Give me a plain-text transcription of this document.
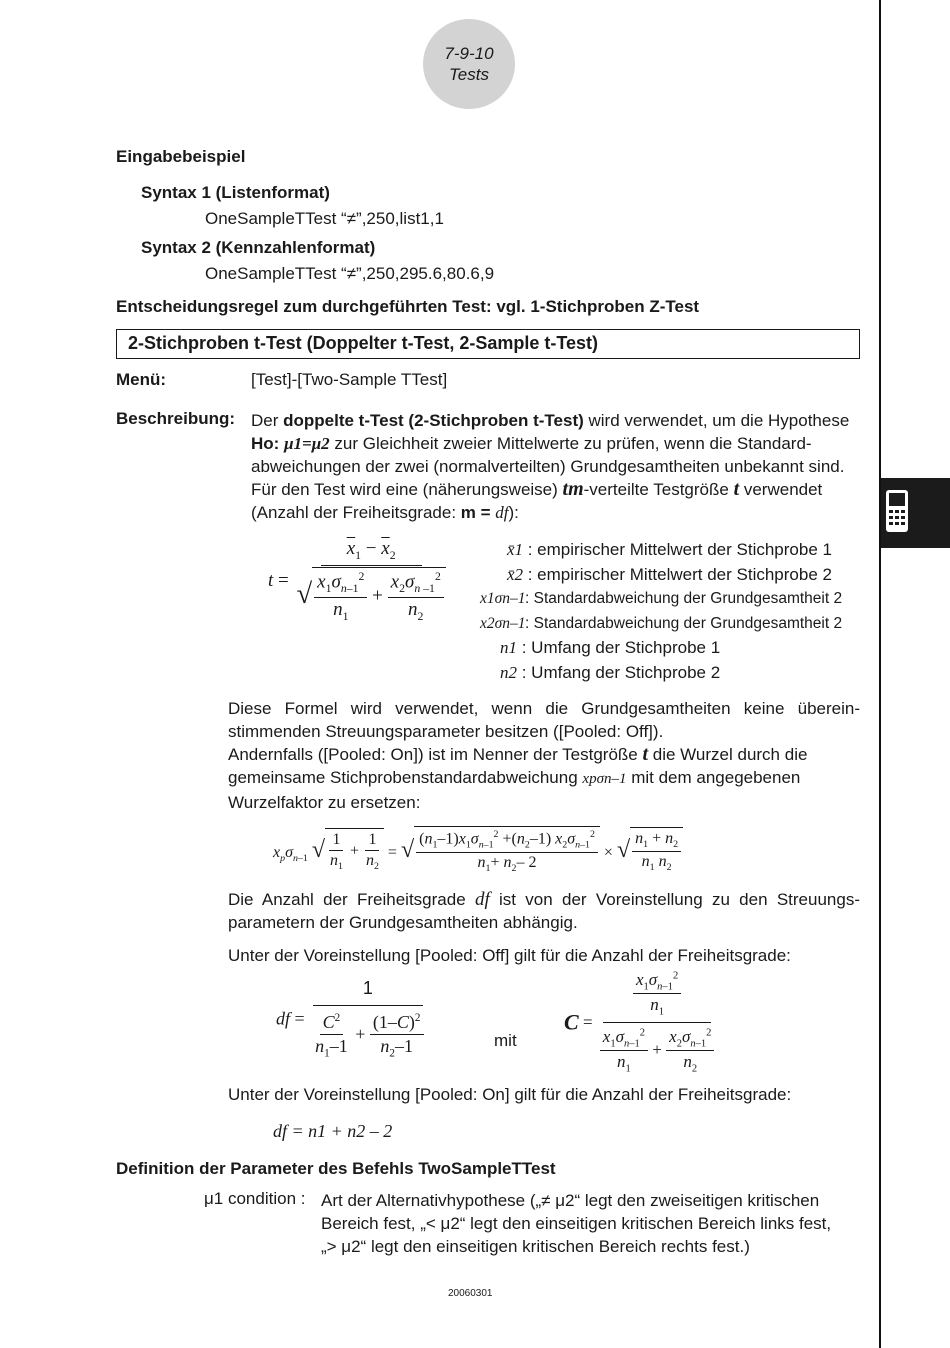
7-9-10
Tests
Eingabebeispiel
Syntax 1 (Listenformat)
OneSampleTTest “≠”,250,list1,1
Syntax 2 (Kennzahlenformat)
OneSampleTTest “≠”,250,295.6,80.6,9
Entscheidungsregel zum durchgeführten Test: vgl. 1-Stichproben Z-Test
2-Stichproben t-Test (Doppelter t-Test, 2-Sample t-Test)
Menü:	[Test]-[Two-Sample TTest]
Beschreibung: Der doppelte t-Test (2-Stichproben t-Test) wird verwendet, um die Hypothese
Ho: μ1=μ2 zur Gleichheit zweier Mittelwerte zu prüfen, wenn die Standard-
abweichungen der zwei (normalverteilten) Grundgesamtheiten unbekannt sind.
Für den Test wird eine (näherungsweise) tm-verteilte Testgröße t verwendet
(Anzahl der Freiheitsgrade: m = df):
$t = \frac{\overline{x}_1 - \overline{x}_2}{√ \frac{x_1\sigma_{n-1}^2}{n_1} + \frac{x_2\sigma_{n -1}^2}{n_2}}$	x̄1 : empirischer Mittelwert der Stichprobe 1
x̄2 : empirischer Mittelwert der Stichprobe 2
x1σn–1: Standardabweichung der Grundgesamtheit 2
x2σn–1: Standardabweichung der Grundgesamtheit 2
n1 : Umfang der Stichprobe 1
n2 : Umfang der Stichprobe 2
Diese Formel wird verwendet, wenn die Grundgesamtheiten keine überein-
stimmenden Streuungsparameter besitzen ([Pooled: Off]).
Andernfalls ([Pooled: On]) ist im Nenner der Testgröße t die Wurzel durch die
gemeinsame Stichprobenstandardabweichung xpσn–1 mit dem angegebenen
Wurzelfaktor zu ersetzen:
$x_p\sigma_{n-1}$ √ $\frac{1}{n_1} + \frac{1}{n_2}$ = √ $\frac{(n_1-1)x_1\sigma_{n-1}^2 +(n_2-1) x_2\sigma_{n-1}^2}{n_1+ n_2- 2}$ × √ $\frac{n_1 + n_2}{n_1 n_2}$
Die Anzahl der Freiheitsgrade df ist von der Voreinstellung zu den Streuungs-
parametern der Grundgesamtheiten abhängig.
Unter der Voreinstellung [Pooled: Off] gilt für die Anzahl der Freiheitsgrade:
df = $\frac{1}{\frac{C^2}{n_1-1} + \frac{(1-C)^2}{n_2-1}}$	mit
$C = \frac{\frac{x_1\sigma_{n-1}^2}{n_1}}{\frac{x_1\sigma_{n-1}^2}{n_1} + \frac{x_2\sigma_{n-1}^2}{n_2}}$
Unter der Voreinstellung [Pooled: On] gilt für die Anzahl der Freiheitsgrade:
df = n1 + n2 – 2
Definition der Parameter des Befehls TwoSampleTTest
μ1 condition : Art der Alternativhypothese („≠ μ2“ legt den zweiseitigen kritischen
Bereich fest, „< μ2“ legt den einseitigen kritischen Bereich links fest,
„> μ2“ legt den einseitigen kritischen Bereich rechts fest.)
20060301
